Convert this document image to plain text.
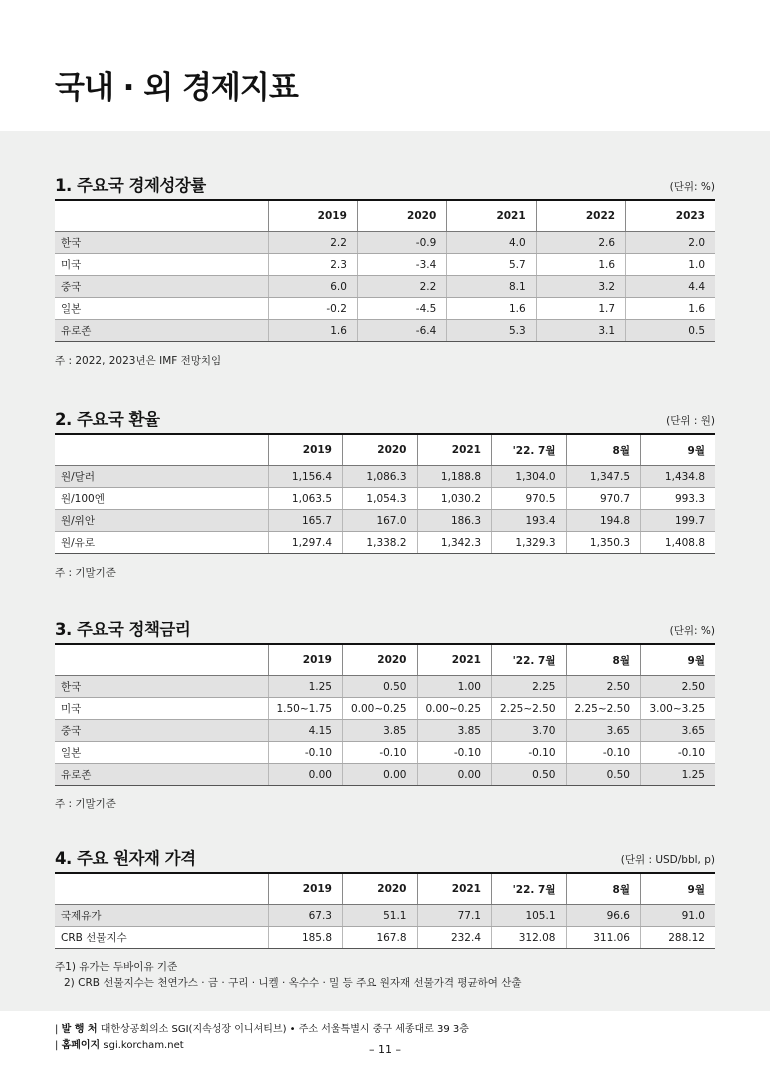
국내 · 외 경제지표
1. 주요국 경제성장률	(단위: %)
	2019	2020	2021	2022	2023
한국	2.2	-0.9	4.0	2.6	2.0
미국	2.3	-3.4	5.7	1.6	1.0
중국	6.0	2.2	8.1	3.2	4.4
일본	-0.2	-4.5	1.6	1.7	1.6
유로존	1.6	-6.4	5.3	3.1	0.5
주 : 2022, 2023년은 IMF 전망치임
2. 주요국 환율	(단위 : 원)
	2019	2020	2021	'22. 7월	8월	9월
원/달러	1,156.4	1,086.3	1,188.8	1,304.0	1,347.5	1,434.8
원/100엔	1,063.5	1,054.3	1,030.2	970.5	970.7	993.3
원/위안	165.7	167.0	186.3	193.4	194.8	199.7
원/유로	1,297.4	1,338.2	1,342.3	1,329.3	1,350.3	1,408.8
주 : 기말기준
3. 주요국 정책금리	(단위: %)
	2019	2020	2021	'22. 7월	8월	9월
한국	1.25	0.50	1.00	2.25	2.50	2.50
미국	1.50~1.75	0.00~0.25	0.00~0.25	2.25~2.50	2.25~2.50	3.00~3.25
중국	4.15	3.85	3.85	3.70	3.65	3.65
일본	-0.10	-0.10	-0.10	-0.10	-0.10	-0.10
유로존	0.00	0.00	0.00	0.50	0.50	1.25
주 : 기말기준
4. 주요 원자재 가격	(단위 : USD/bbl, p)
	2019	2020	2021	'22. 7월	8월	9월
국제유가	67.3	51.1	77.1	105.1	96.6	91.0
CRB 선물지수	185.8	167.8	232.4	312.08	311.06	288.12
주1) 유가는 두바이유 기준
2) CRB 선물지수는 천연가스 · 금 · 구리 · 니켈 · 옥수수 · 밀 등 주요 원자재 선물가격 평균하여 산출
| 발 행 처 대한상공회의소 SGI(지속성장 이니셔티브) • 주소 서울특별시 중구 세종대로 39 3층
| 홈페이지 sgi.korcham.net	– 11 –
